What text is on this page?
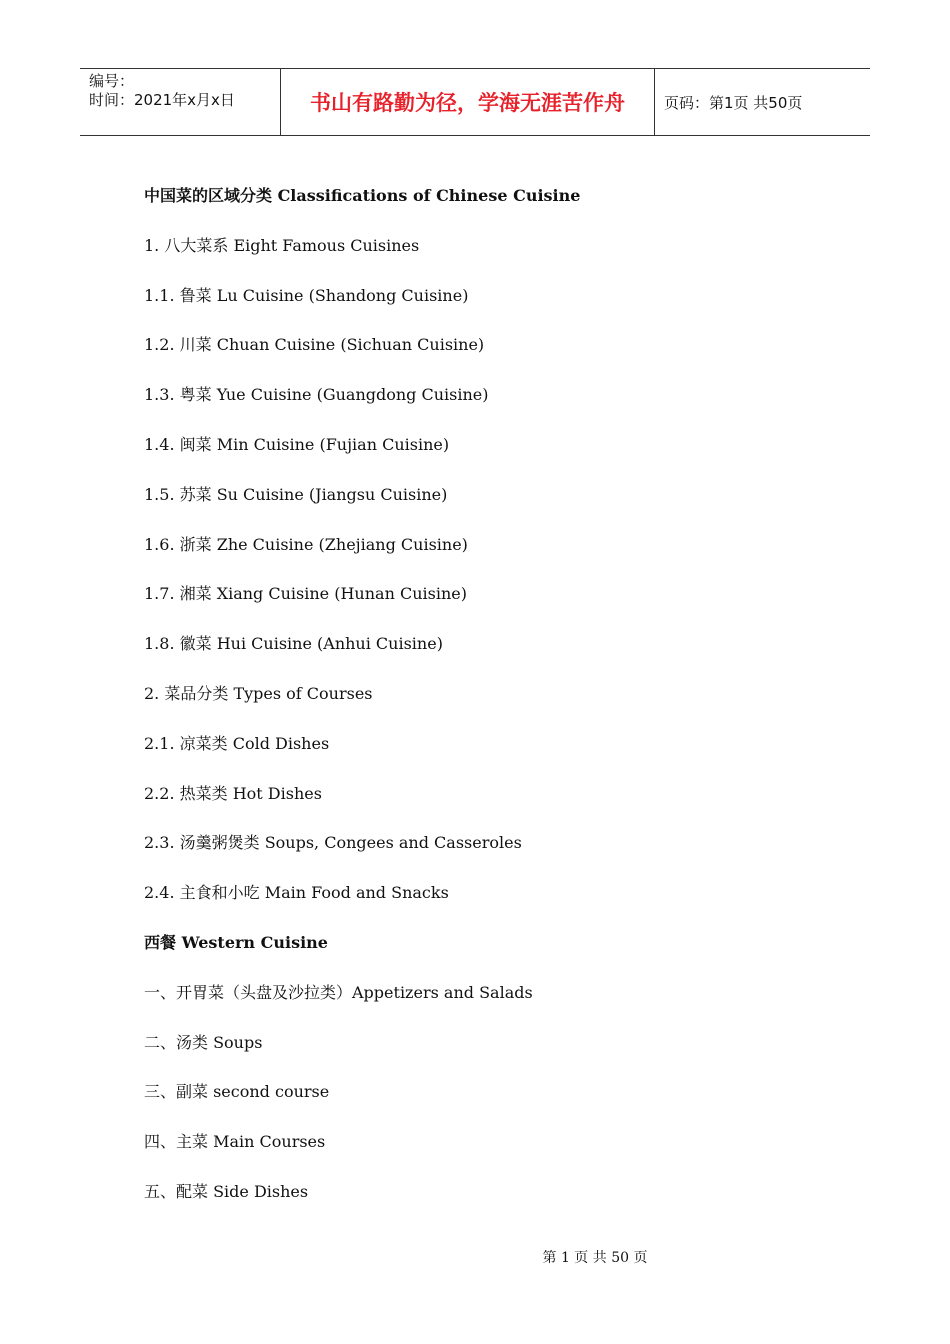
编号：
时间：2021年x月x日	书山有路勤为径，学海无涯苦作舟	页码：第1页 共50页
中国菜的区域分类 Classifications of Chinese Cuisine
1. 八大菜系 Eight Famous Cuisines
1.1. 鲁菜 Lu Cuisine (Shandong Cuisine)
1.2. 川菜 Chuan Cuisine (Sichuan Cuisine)
1.3. 粤菜 Yue Cuisine (Guangdong Cuisine)
1.4. 闽菜 Min Cuisine (Fujian Cuisine)
1.5. 苏菜 Su Cuisine (Jiangsu Cuisine)
1.6. 浙菜 Zhe Cuisine (Zhejiang Cuisine)
1.7. 湘菜 Xiang Cuisine (Hunan Cuisine)
1.8. 徽菜 Hui Cuisine (Anhui Cuisine)
2. 菜品分类 Types of Courses
2.1. 凉菜类 Cold Dishes
2.2. 热菜类 Hot Dishes
2.3. 汤羹粥煲类 Soups, Congees and Casseroles
2.4. 主食和小吃 Main Food and Snacks
西餐 Western Cuisine
一、开胃菜（头盘及沙拉类）Appetizers and Salads
二、汤类 Soups
三、副菜 second course
四、主菜 Main Courses
五、配菜 Side Dishes
第 1 页 共 50 页
